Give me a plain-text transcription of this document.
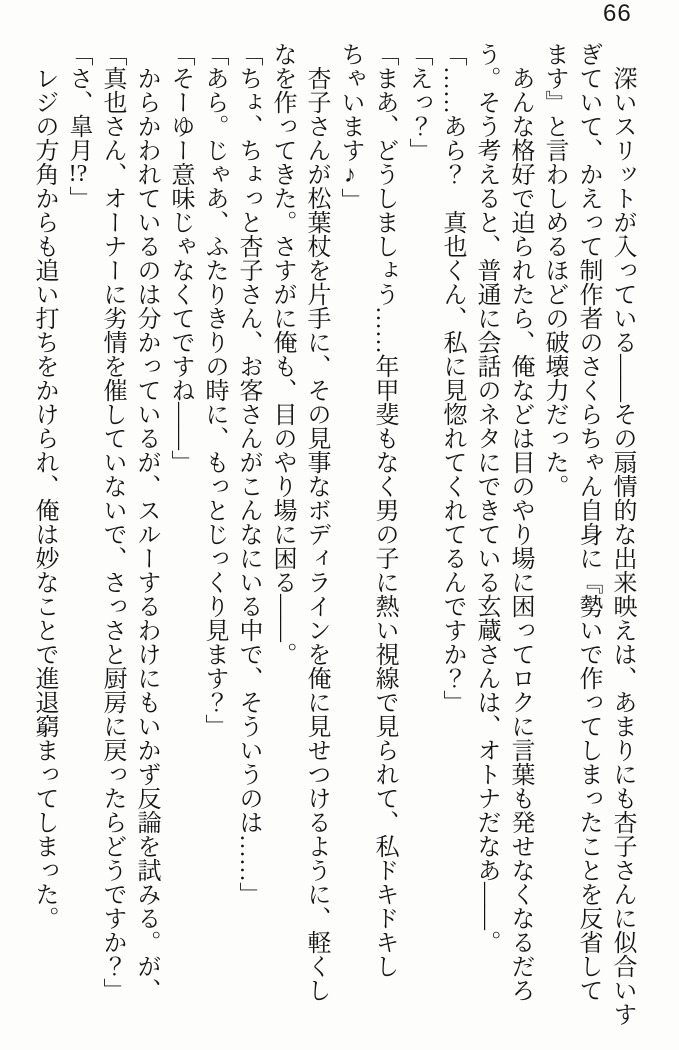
66
　深いスリットが入っている――その扇情的な出来映えは、あまりにも杏子さんに似合いす
ぎていて、かえって制作者のさくらちゃん自身に『勢いで作ってしまったことを反省して
ます』と言わしめるほどの破壊力だった。
　あんな格好で迫られたら、俺などは目のやり場に困ってロクに言葉も発せなくなるだろ
う。そう考えると、普通に会話のネタにできている玄蔵さんは、オトナだなあ――。
「……あら？　真也くん、私に見惚れてくれてるんですか？」
「えっ？」
「まあ、どうしましょう……年甲斐もなく男の子に熱い視線で見られて、私ドキドキし
ちゃいます♪」
　杏子さんが松葉杖を片手に、その見事なボディラインを俺に見せつけるように、軽くし
なを作ってきた。さすがに俺も、目のやり場に困る――。
「ちょ、ちょっと杏子さん、お客さんがこんなにいる中で、そういうのは……」
「あら。じゃあ、ふたりきりの時に、もっとじっくり見ます？」
「そーゆー意味じゃなくてですね――」
　からかわれているのは分かっているが、スルーするわけにもいかず反論を試みる。が、
「真也さん、オーナーに劣情を催していないで、さっさと厨房に戻ったらどうですか？」
「さ、皐月!?」
　レジの方角からも追い打ちをかけられ、俺は妙なことで進退窮まってしまった。
